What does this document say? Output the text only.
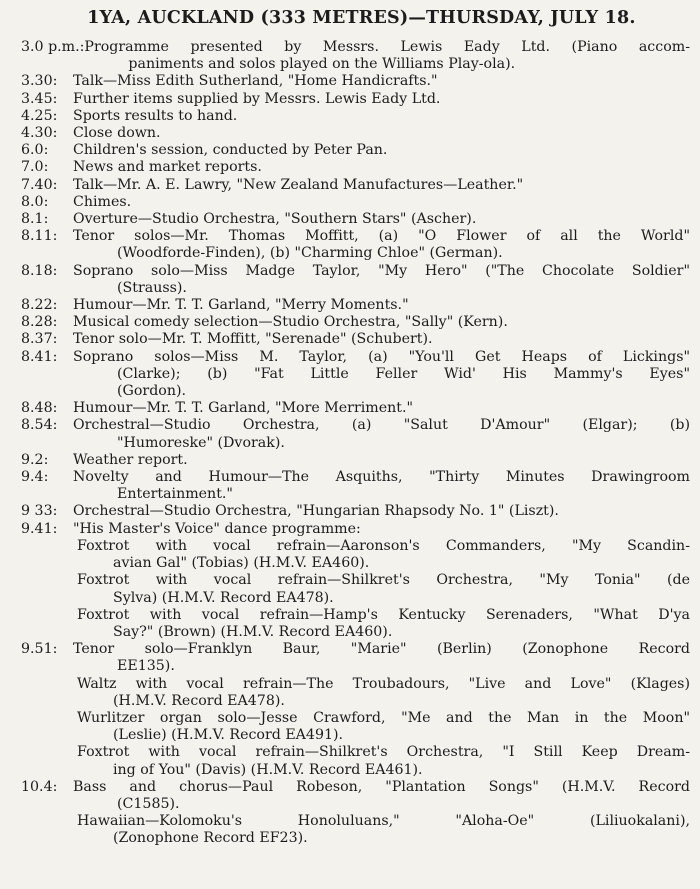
1YA, AUCKLAND (333 METRES)—THURSDAY, JULY 18.
3.0 p.m.: Programme presented by Messrs. Lewis Eady Ltd. (Piano accom-
paniments and solos played on the Williams Play-ola).
3.30:	Talk—Miss Edith Sutherland, "Home Handicrafts."
3.45:	Further items supplied by Messrs. Lewis Eady Ltd.
4.25:	Sports results to hand.
4.30:	Close down.
6.0:	Children's session, conducted by Peter Pan.
7.0:	News and market reports.
7.40:	Talk—Mr. A. E. Lawry, "New Zealand Manufactures—Leather."
8.0:	Chimes.
8.1:	Overture—Studio Orchestra, "Southern Stars" (Ascher).
8.11:	Tenor solos—Mr. Thomas Moffitt, (a) "O Flower of all the World"
(Woodforde-Finden), (b) "Charming Chloe" (German).
8.18:	Soprano solo—Miss Madge Taylor, "My Hero" ("The Chocolate Soldier"
(Strauss).
8.22:	Humour—Mr. T. T. Garland, "Merry Moments."
8.28:	Musical comedy selection—Studio Orchestra, "Sally" (Kern).
8.37:	Tenor solo—Mr. T. Moffitt, "Serenade" (Schubert).
8.41:	Soprano solos—Miss M. Taylor, (a) "You'll Get Heaps of Lickings"
(Clarke); (b) "Fat Little Feller Wid' His Mammy's Eyes"
(Gordon).
8.48:	Humour—Mr. T. T. Garland, "More Merriment."
8.54:	Orchestral—Studio Orchestra, (a) "Salut D'Amour" (Elgar); (b)
"Humoreske" (Dvorak).
9.2:	Weather report.
9.4:	Novelty and Humour—The Asquiths, "Thirty Minutes Drawingroom
Entertainment."
9 33:	Orchestral—Studio Orchestra, "Hungarian Rhapsody No. 1" (Liszt).
9.41:	"His Master's Voice" dance programme:
Foxtrot with vocal refrain—Aaronson's Commanders, "My Scandin-
avian Gal" (Tobias) (H.M.V. EA460).
Foxtrot with vocal refrain—Shilkret's Orchestra, "My Tonia" (de
Sylva) (H.M.V. Record EA478).
Foxtrot with vocal refrain—Hamp's Kentucky Serenaders, "What D'ya
Say?" (Brown) (H.M.V. Record EA460).
9.51:	Tenor solo—Franklyn Baur, "Marie" (Berlin) (Zonophone Record
EE135).
Waltz with vocal refrain—The Troubadours, "Live and Love" (Klages)
(H.M.V. Record EA478).
Wurlitzer organ solo—Jesse Crawford, "Me and the Man in the Moon"
(Leslie) (H.M.V. Record EA491).
Foxtrot with vocal refrain—Shilkret's Orchestra, "I Still Keep Dream-
ing of You" (Davis) (H.M.V. Record EA461).
10.4:	Bass and chorus—Paul Robeson, "Plantation Songs" (H.M.V. Record
(C1585).
Hawaiian—Kolomoku's Honoluluans," "Aloha-Oe" (Liliuokalani),
(Zonophone Record EF23).
